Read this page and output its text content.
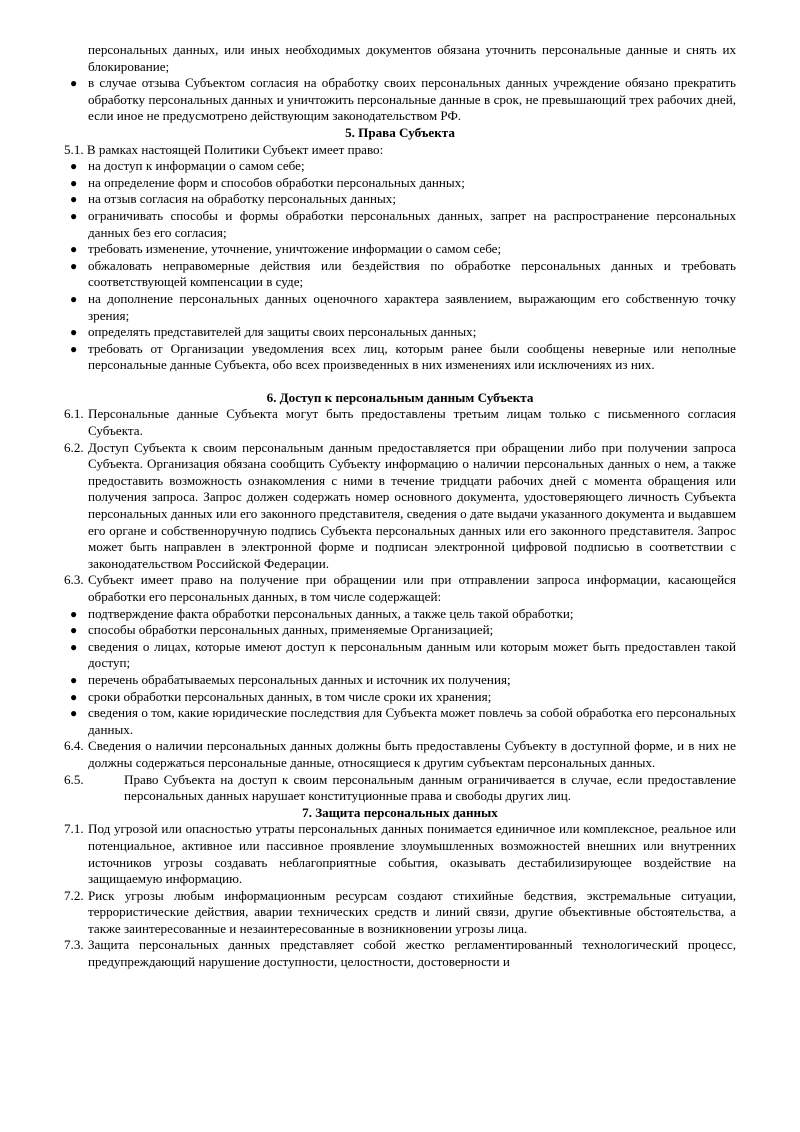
персональных данных, или иных необходимых документов обязана уточнить персональные данные и снять их блокирование;

● в случае отзыва Субъектом согласия на обработку своих персональных данных учреждение обязано прекратить обработку персональных данных и уничтожить персональные данные в срок, не превышающий трех рабочих дней, если иное не предусмотрено действующим законодательством РФ.
5. Права Субъекта

5.1. В рамках настоящей Политики Субъект имеет право:

● на доступ к информации о самом себе;
● на определение форм и способов обработки персональных данных;
● на отзыв согласия на обработку персональных данных;
● ограничивать способы и формы обработки персональных данных, запрет на распространение персональных данных без его согласия;
● требовать изменение, уточнение, уничтожение информации о самом себе;
● обжаловать неправомерные действия или бездействия по обработке персональных данных и требовать соответствующей компенсации в суде;
● на дополнение персональных данных оценочного характера заявлением, выражающим его собственную точку зрения;
● определять представителей для защиты своих персональных данных;
● требовать от Организации уведомления всех лиц, которым ранее были сообщены неверные или неполные персональные данные Субъекта, обо всех произведенных в них изменениях или исключениях из них.
6. Доступ к персональным данным Субъекта
6.1. Персональные данные Субъекта могут быть предоставлены третьим лицам только с письменного согласия Субъекта.
6.2. Доступ Субъекта к своим персональным данным предоставляется при обращении либо при получении запроса Субъекта. Организация обязана сообщить Субъекту информацию о наличии персональных данных о нем, а также предоставить возможность ознакомления с ними в течение тридцати рабочих дней с момента обращения или получения запроса. Запрос должен содержать номер основного документа, удостоверяющего личность Субъекта персональных данных или его законного представителя, сведения о дате выдачи указанного документа и выдавшем его органе и собственноручную подпись Субъекта персональных данных или его законного представителя. Запрос может быть направлен в электронной форме и подписан электронной цифровой подписью в соответствии с законодательством Российской Федерации.
6.3. Субъект имеет право на получение при обращении или при отправлении запроса информации, касающейся обработки его персональных данных, в том числе содержащей:
● подтверждение факта обработки персональных данных, а также цель такой обработки;
● способы обработки персональных данных, применяемые Организацией;
● сведения о лицах, которые имеют доступ к персональным данным или которым может быть предоставлен такой доступ;
● перечень обрабатываемых персональных данных и источник их получения;
● сроки обработки персональных данных, в том числе сроки их хранения;
● сведения о том, какие юридические последствия для Субъекта может повлечь за собой обработка его персональных данных.
6.4. Сведения о наличии персональных данных должны быть предоставлены Субъекту в доступной форме, и в них не должны содержаться персональные данные, относящиеся к другим субъектам персональных данных.
6.5.	Право Субъекта на доступ к своим персональным данным ограничивается в случае, если предоставление персональных данных нарушает конституционные права и свободы других лиц.
7. Защита персональных данных
7.1. Под угрозой или опасностью утраты персональных данных понимается единичное или комплексное, реальное или потенциальное, активное или пассивное проявление злоумышленных возможностей внешних или внутренних источников угрозы создавать неблагоприятные события, оказывать дестабилизирующее воздействие на защищаемую информацию.
7.2. Риск угрозы любым информационным ресурсам создают стихийные бедствия, экстремальные ситуации, террористические действия, аварии технических средств и линий связи, другие объективные обстоятельства, а также заинтересованные и незаинтересованные в возникновении угрозы лица.
7.3. Защита персональных данных представляет собой жестко регламентированный технологический процесс, предупреждающий нарушение доступности, целостности, достоверности и
